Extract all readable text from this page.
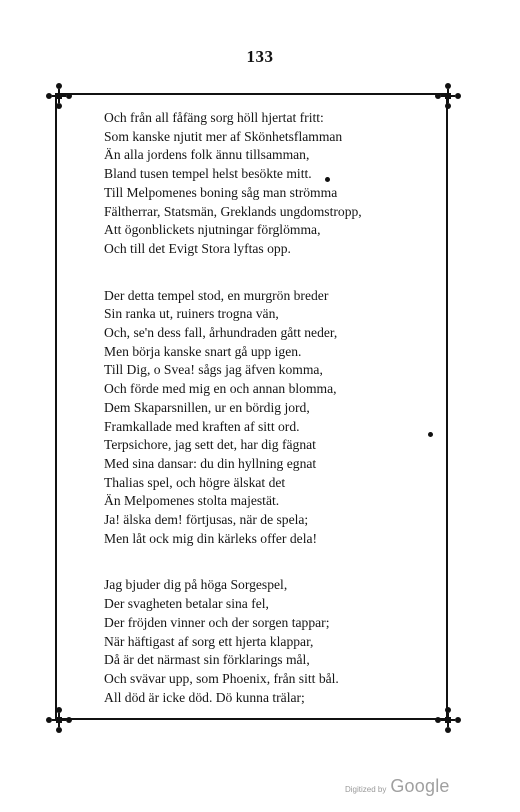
133
Och från all fåfäng sorg höll hjertat fritt:
Som kanske njutit mer af Skönhetsflamman
Än alla jordens folk ännu tillsamman,
Bland tusen tempel helst besökte mitt.
Till Melpomenes boning såg man strömma
Fältherrar, Statsmän, Greklands ungdomstropp,
Att ögonblickets njutningar förglömma,
Och till det Evigt Stora lyftas opp.
Der detta tempel stod, en murgrön breder
Sin ranka ut, ruiners trogna vän,
Och, se'n dess fall, århundraden gått neder,
Men börja kanske snart gå upp igen.
Till Dig, o Svea! sågs jag äfven komma,
Och förde med mig en och annan blomma,
Dem Skaparsnillen, ur en bördig jord,
Framkallade med kraften af sitt ord.
Terpsichore, jag sett det, har dig fägnat
Med sina dansar: du din hyllning egnat
Thalias spel, och högre älskat det
Än Melpomenes stolta majestät.
Ja! älska dem! förtjusas, när de spela;
Men låt ock mig din kärleks offer dela!
Jag bjuder dig på höga Sorgespel,
Der svagheten betalar sina fel,
Der fröjden vinner och der sorgen tappar;
När häftigast af sorg ett hjerta klappar,
Då är det närmast sin förklarings mål,
Och svävar upp, som Phoenix, från sitt bål.
All död är icke död. Dö kunna trälar;
Digitized by Google
